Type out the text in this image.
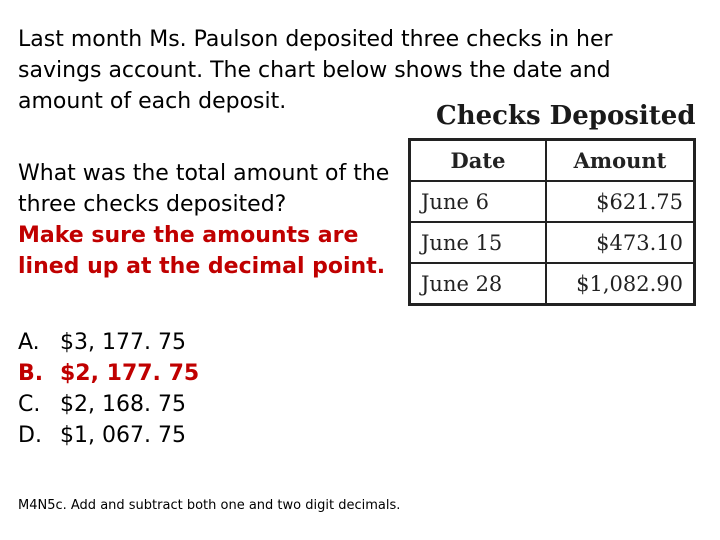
Last month Ms. Paulson deposited three checks in her savings account. The chart below shows the date and amount of each deposit.

What was the total amount of the three checks deposited?

Make sure the amounts are lined up at the decimal point.

Checks Deposited
Date	Amount
June 6	$621.75
June 15	$473.10
June 28	$1,082.90
A. $3, 177. 75
B. $2, 177. 75
C. $2, 168. 75
D. $1, 067. 75
M4N5c. Add and subtract both one and two digit decimals.
